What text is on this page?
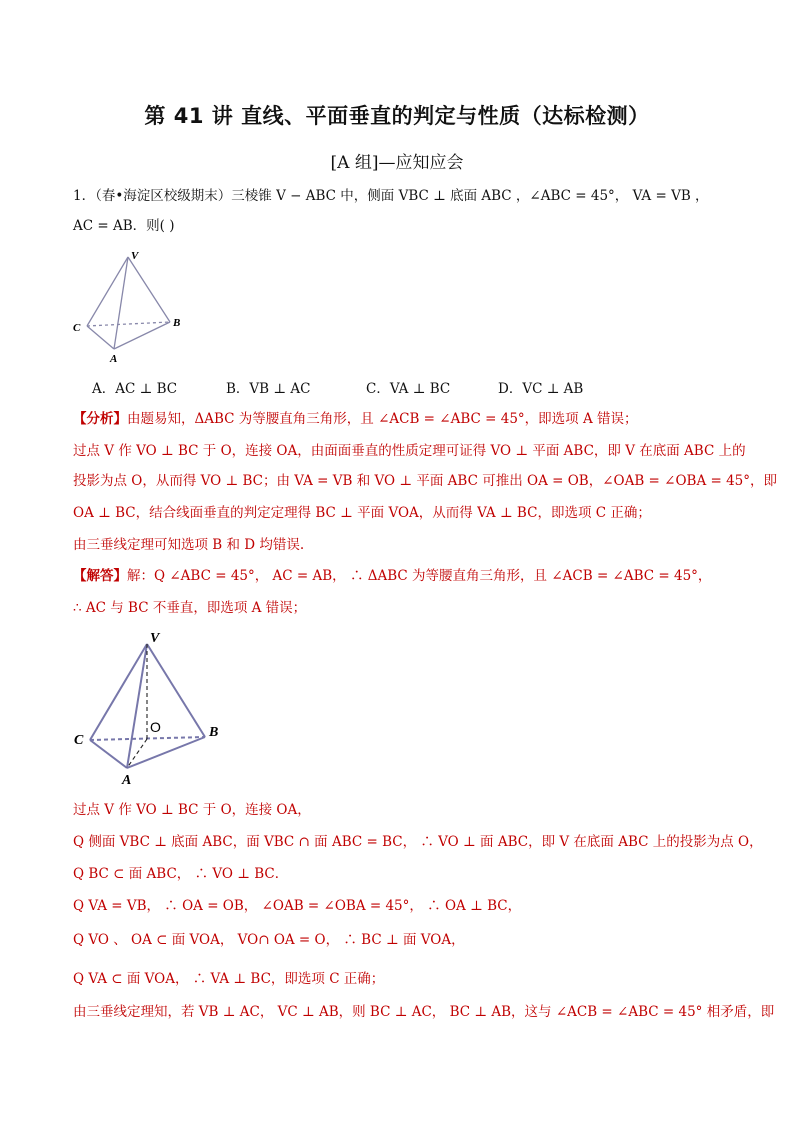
第 41 讲 直线、平面垂直的判定与性质（达标检测）
[A 组]—应知应会
1．（春•海淀区校级期末）三棱锥 V − ABC 中，侧面 VBC ⊥ 底面 ABC ，∠ABC = 45°， VA = VB ，
AC = AB．则( )
V
C	B
A
A．AC ⊥ BC	B．VB ⊥ AC	C．VA ⊥ BC	D．VC ⊥ AB
【分析】由题易知，ΔABC 为等腰直角三角形，且 ∠ACB = ∠ABC = 45°，即选项 A 错误；
过点 V 作 VO ⊥ BC 于 O，连接 OA，由面面垂直的性质定理可证得 VO ⊥ 平面 ABC，即 V 在底面 ABC 上的
投影为点 O，从而得 VO ⊥ BC；由 VA = VB 和 VO ⊥ 平面 ABC 可推出 OA = OB，∠OAB = ∠OBA = 45°，即
OA ⊥ BC，结合线面垂直的判定定理得 BC ⊥ 平面 VOA，从而得 VA ⊥ BC，即选项 C 正确；
由三垂线定理可知选项 B 和 D 均错误.
【解答】解：Q ∠ABC = 45°， AC = AB， ∴ ΔABC 为等腰直角三角形，且 ∠ACB = ∠ABC = 45°，
∴ AC 与 BC 不垂直，即选项 A 错误；
V
C
B
A
O
过点 V 作 VO ⊥ BC 于 O，连接 OA，
Q 侧面 VBC ⊥ 底面 ABC，面 VBC ∩ 面 ABC = BC， ∴ VO ⊥ 面 ABC，即 V 在底面 ABC 上的投影为点 O，
Q BC ⊂ 面 ABC， ∴ VO ⊥ BC．
Q VA = VB， ∴ OA = OB， ∠OAB = ∠OBA = 45°， ∴ OA ⊥ BC，
Q VO 、 OA ⊂ 面 VOA， VO∩ OA = O， ∴ BC ⊥ 面 VOA，
Q VA ⊂ 面 VOA， ∴ VA ⊥ BC，即选项 C 正确；
由三垂线定理知，若 VB ⊥ AC， VC ⊥ AB，则 BC ⊥ AC， BC ⊥ AB，这与 ∠ACB = ∠ABC = 45° 相矛盾，即
